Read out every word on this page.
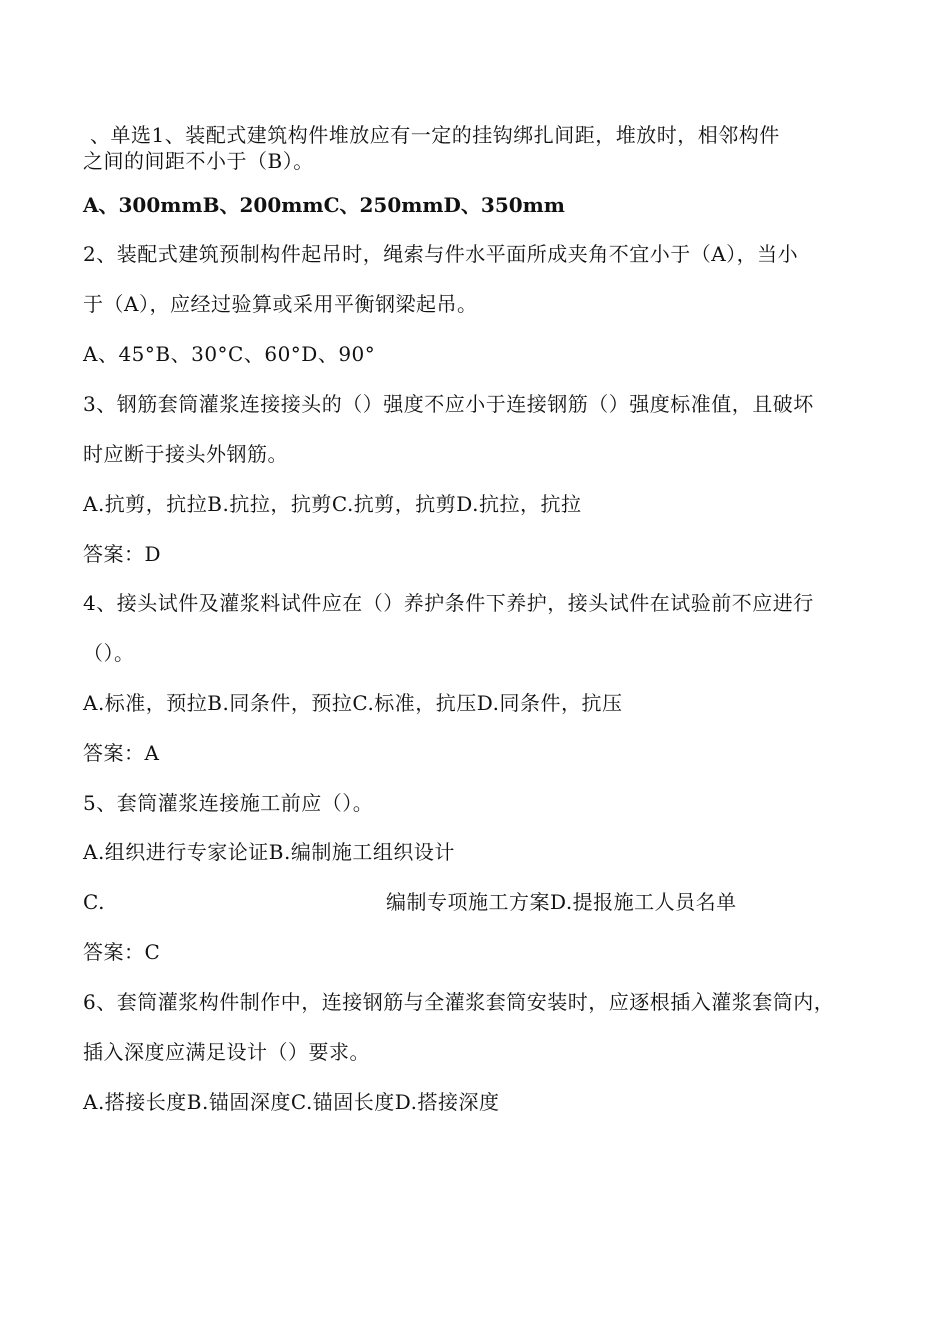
、单选1、装配式建筑构件堆放应有一定的挂钩绑扎间距，堆放时，相邻构件
之间的间距不小于（B）。
A、300mmB、200mmC、250mmD、350mm
2、装配式建筑预制构件起吊时，绳索与件水平面所成夹角不宜小于（A），当小
于（A），应经过验算或采用平衡钢梁起吊。
A、45°B、30°C、60°D、90°
3、钢筋套筒灌浆连接接头的（）强度不应小于连接钢筋（）强度标准值，且破坏
时应断于接头外钢筋。
A.抗剪，抗拉B.抗拉，抗剪C.抗剪，抗剪D.抗拉，抗拉
答案：D
4、接头试件及灌浆料试件应在（）养护条件下养护，接头试件在试验前不应进行
（）。
A.标准，预拉B.同条件，预拉C.标准，抗压D.同条件，抗压
答案：A
5、套筒灌浆连接施工前应（）。
A.组织进行专家论证B.编制施工组织设计
C.	编制专项施工方案D.提报施工人员名单
答案：C
6、套筒灌浆构件制作中，连接钢筋与全灌浆套筒安装时，应逐根插入灌浆套筒内，
插入深度应满足设计（）要求。
A.搭接长度B.锚固深度C.锚固长度D.搭接深度
